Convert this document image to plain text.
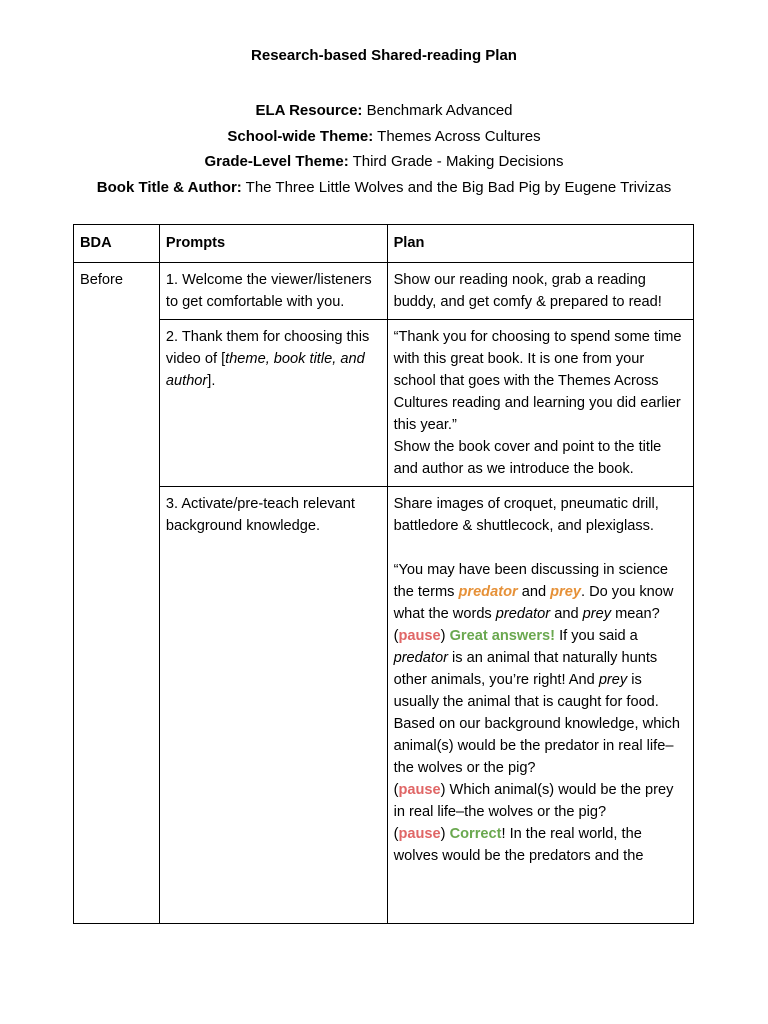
Research-based Shared-reading Plan
ELA Resource: Benchmark Advanced
School-wide Theme: Themes Across Cultures
Grade-Level Theme: Third Grade - Making Decisions
Book Title & Author: The Three Little Wolves and the Big Bad Pig by Eugene Trivizas
BDA	Prompts	Plan
Before	1. Welcome the viewer/listeners to get comfortable with you.	Show our reading nook, grab a reading buddy, and get comfy & prepared to read!
	2. Thank them for choosing this video of [theme, book title, and author].	“Thank you for choosing to spend some time with this great book. It is one from your school that goes with the Themes Across Cultures reading and learning you did earlier this year.”
Show the book cover and point to the title and author as we introduce the book.

	3. Activate/pre-teach relevant background knowledge.	Share images of croquet, pneumatic drill, battledore & shuttlecock, and plexiglass.
“You may have been discussing in science the terms predator and prey. Do you know what the words predator and prey mean? (pause) Great answers! If you said a predator is an animal that naturally hunts other animals, you’re right! And prey is usually the animal that is caught for food. Based on our background knowledge, which animal(s) would be the predator in real life–the wolves or the pig?
(pause) Which animal(s) would be the prey in real life–the wolves or the pig?
(pause) Correct! In the real world, the wolves would be the predators and the
